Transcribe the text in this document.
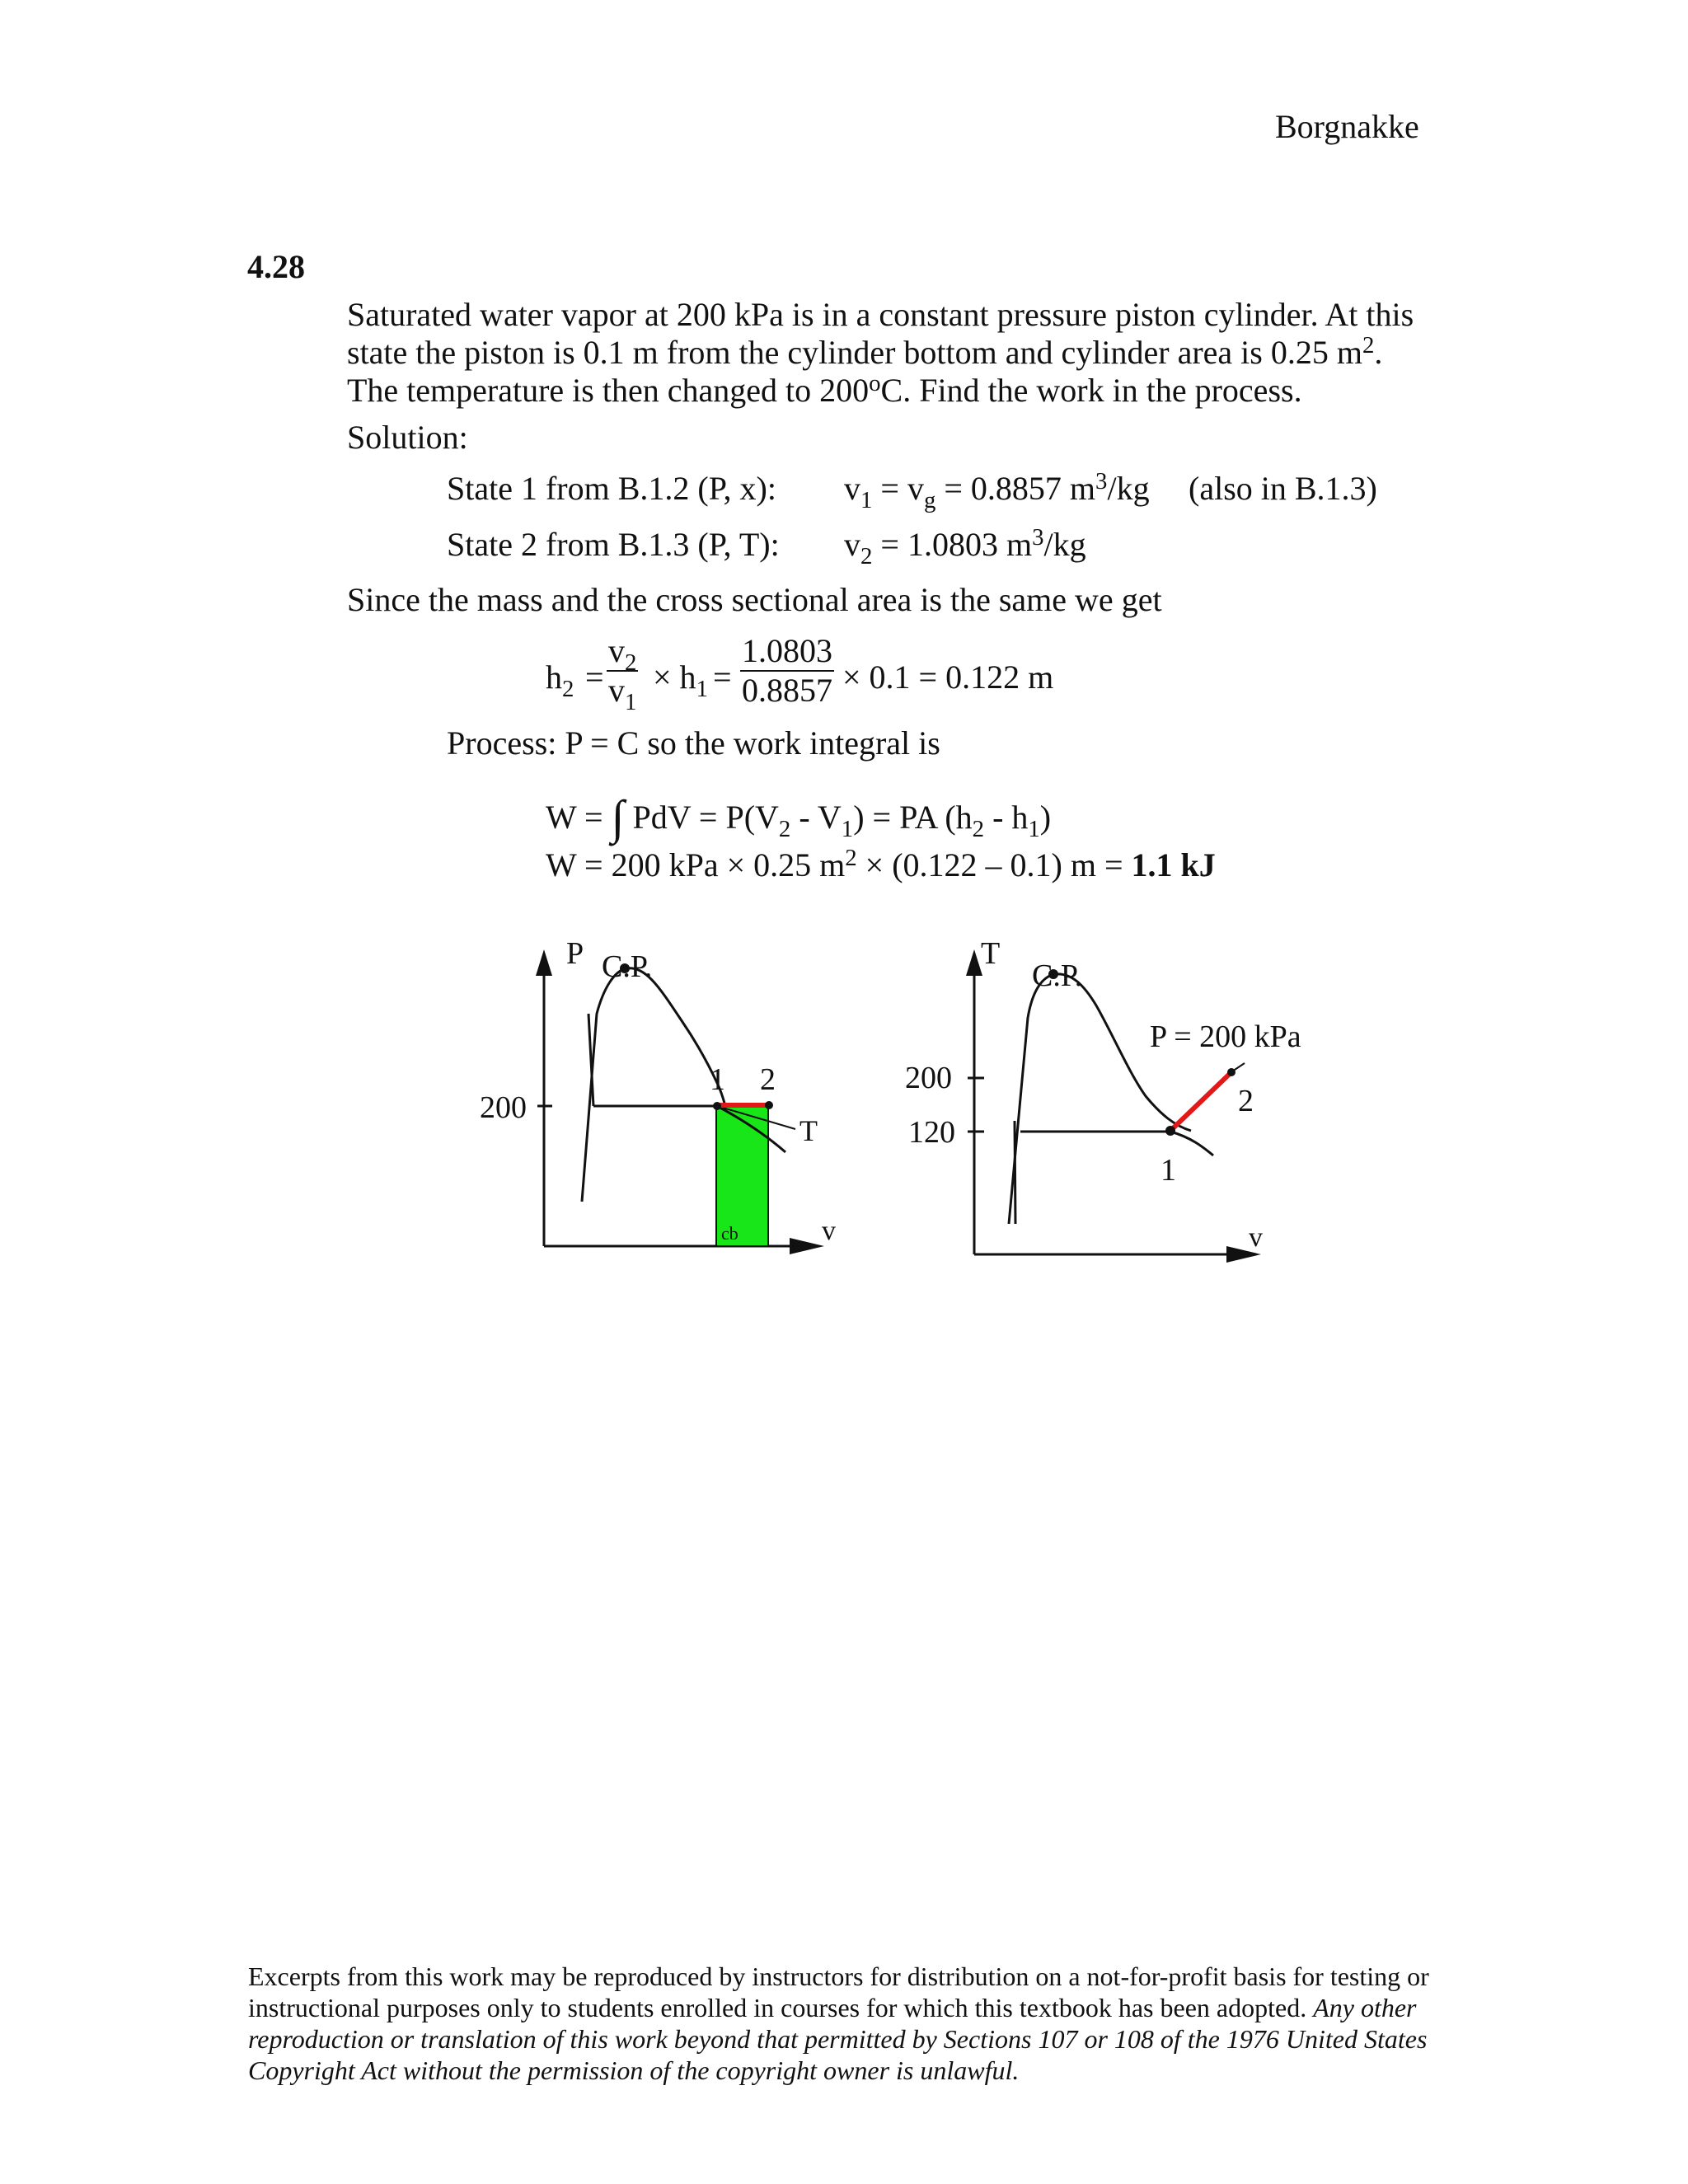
Borgnakke
4.28
Saturated water vapor at 200 kPa is in a constant pressure piston cylinder. At this
state the piston is 0.1 m from the cylinder bottom and cylinder area is 0.25 $m^2$.
The temperature is then changed to 200$^o$C. Find the work in the process.
Solution:
State 1 from B.1.2 (P, x): $v_1 = v_g = 0.8857$ $m^3/kg$ (also in B.1.3)
State 2 from B.1.3 (P, T): $v_2 = 1.0803$ $m^3/kg$
Since the mass and the cross sectional area is the same we get
$h_2 = \frac{v_2}{v_1} \times h_1 = \frac{1.0803}{0.8857} \times 0.1 = 0.122$ m
Process: P = C so the work integral is
W = ∫ PdV = $P(V_2 - V_1)$ = PA $(h_2 - h_1)$
W = 200 kPa × 0.25 $m^2 \times (0.122 - 0.1) m = 1.1$ kJ
cb
P C.P.
200
1 2
T
v
T
C.P.
200
120
P = 200 kPa
2
1
v
Excerpts from this work may be reproduced by instructors for distribution on a not-for-profit basis for testing or instructional purposes only to students enrolled in courses for which this textbook has been adopted. Any other reproduction or translation of this work beyond that permitted by Sections 107 or 108 of the 1976 United States Copyright Act without the permission of the copyright owner is unlawful.
